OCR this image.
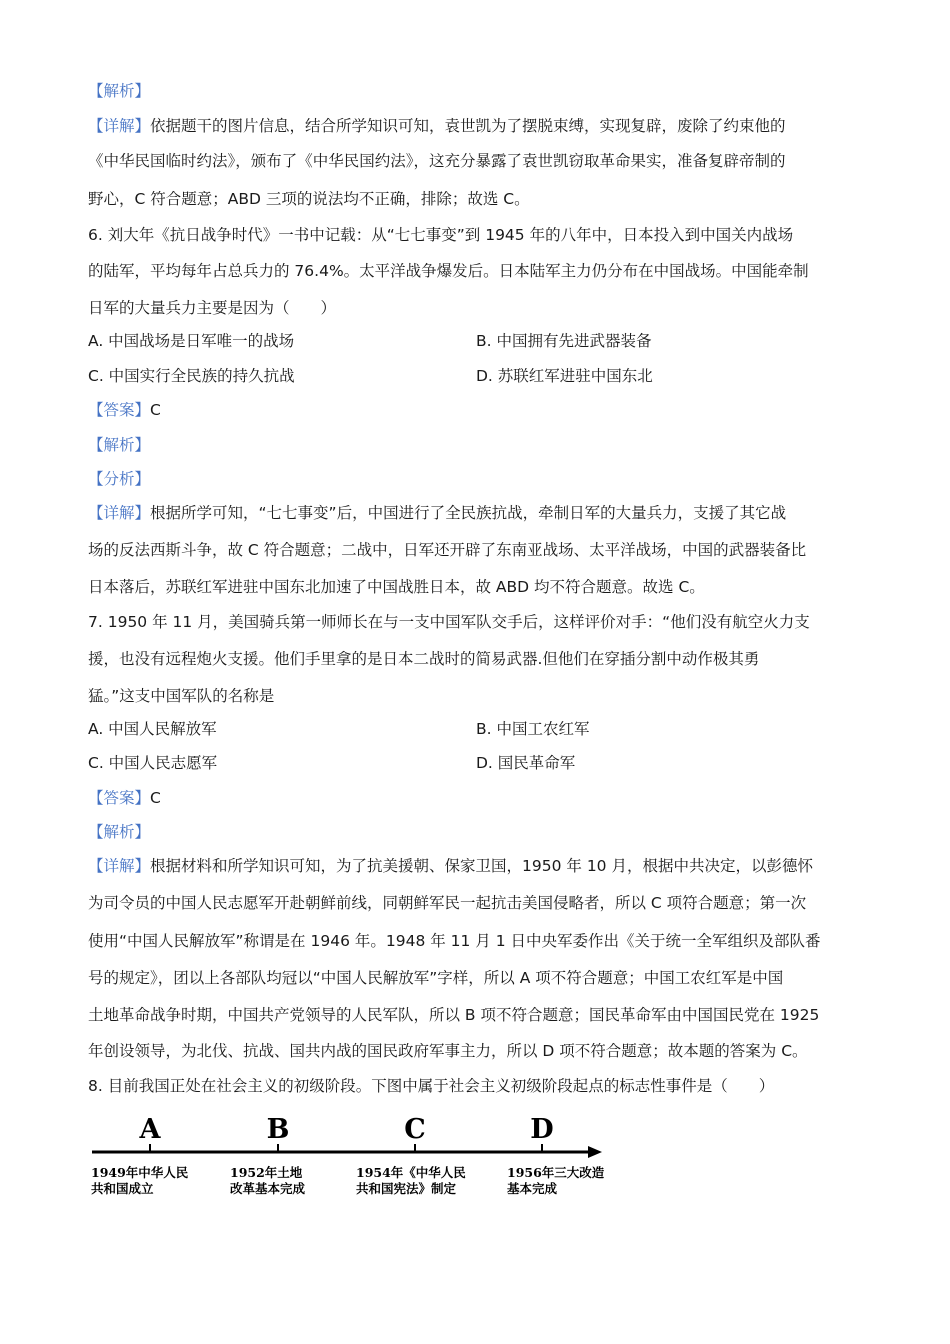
【解析】
【详解】依据题干的图片信息，结合所学知识可知，袁世凯为了摆脱束缚，实现复辟，废除了约束他的
《中华民国临时约法》，颁布了《中华民国约法》，这充分暴露了袁世凯窃取革命果实，准备复辟帝制的
野心，C 符合题意；ABD 三项的说法均不正确，排除；故选 C。
6. 刘大年《抗日战争时代》一书中记载：从“七七事变”到 1945 年的八年中，日本投入到中国关内战场
的陆军，平均每年占总兵力的 76.4%。太平洋战争爆发后。日本陆军主力仍分布在中国战场。中国能牵制
日军的大量兵力主要是因为（　　）
A. 中国战场是日军唯一的战场	B. 中国拥有先进武器装备
C. 中国实行全民族的持久抗战	D. 苏联红军进驻中国东北
【答案】C
【解析】
【分析】
【详解】根据所学可知，“七七事变”后，中国进行了全民族抗战，牵制日军的大量兵力，支援了其它战
场的反法西斯斗争，故 C 符合题意；二战中，日军还开辟了东南亚战场、太平洋战场，中国的武器装备比
日本落后，苏联红军进驻中国东北加速了中国战胜日本，故 ABD 均不符合题意。故选 C。
7. 1950 年 11 月，美国骑兵第一师师长在与一支中国军队交手后，这样评价对手：“他们没有航空火力支
援，也没有远程炮火支援。他们手里拿的是日本二战时的简易武器.但他们在穿插分割中动作极其勇
猛。”这支中国军队的名称是
A. 中国人民解放军	B. 中国工农红军
C. 中国人民志愿军	D. 国民革命军
【答案】C
【解析】
【详解】根据材料和所学知识可知，为了抗美援朝、保家卫国，1950 年 10 月，根据中共决定，以彭德怀
为司令员的中国人民志愿军开赴朝鲜前线，同朝鲜军民一起抗击美国侵略者，所以 C 项符合题意；第一次
使用“中国人民解放军”称谓是在 1946 年。1948 年 11 月 1 日中央军委作出《关于统一全军组织及部队番
号的规定》，团以上各部队均冠以“中国人民解放军”字样，所以 A 项不符合题意；中国工农红军是中国
土地革命战争时期，中国共产党领导的人民军队，所以 B 项不符合题意；国民革命军由中国国民党在 1925
年创设领导，为北伐、抗战、国共内战的国民政府军事主力，所以 D 项不符合题意；故本题的答案为 C。
8. 目前我国正处在社会主义的初级阶段。下图中属于社会主义初级阶段起点的标志性事件是（　　）
A	B	C	D
1949年中华人民
共和国成立
1952年土地
改革基本完成
1954年《中华人民
共和国宪法》制定
1956年三大改造
基本完成
